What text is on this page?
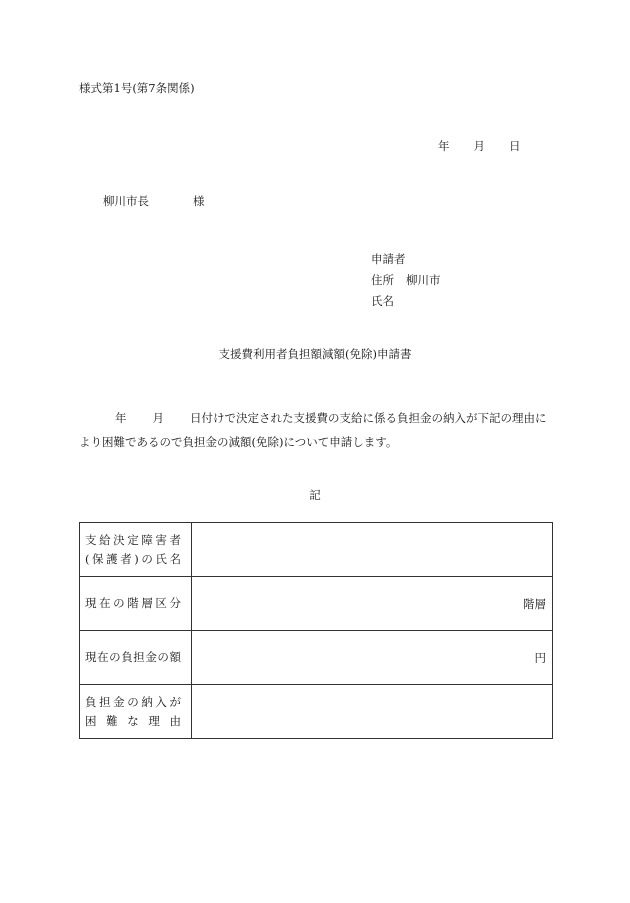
様式第1号(第7条関係)
年 月 日
柳川市長	様
申請者
住所 柳川市
氏名
支援費利用者負担額減額(免除)申請書
年 月 日付けで決定された支援費の支給に係る負担金の納入が下記の理由に
より困難であるので負担金の減額(免除)について申請します。
記
支給決定障害者
(保護者)の氏名	

現在の階層区分	階層

現在の負担金の額	円

負担金の納入が
困難な理由	
